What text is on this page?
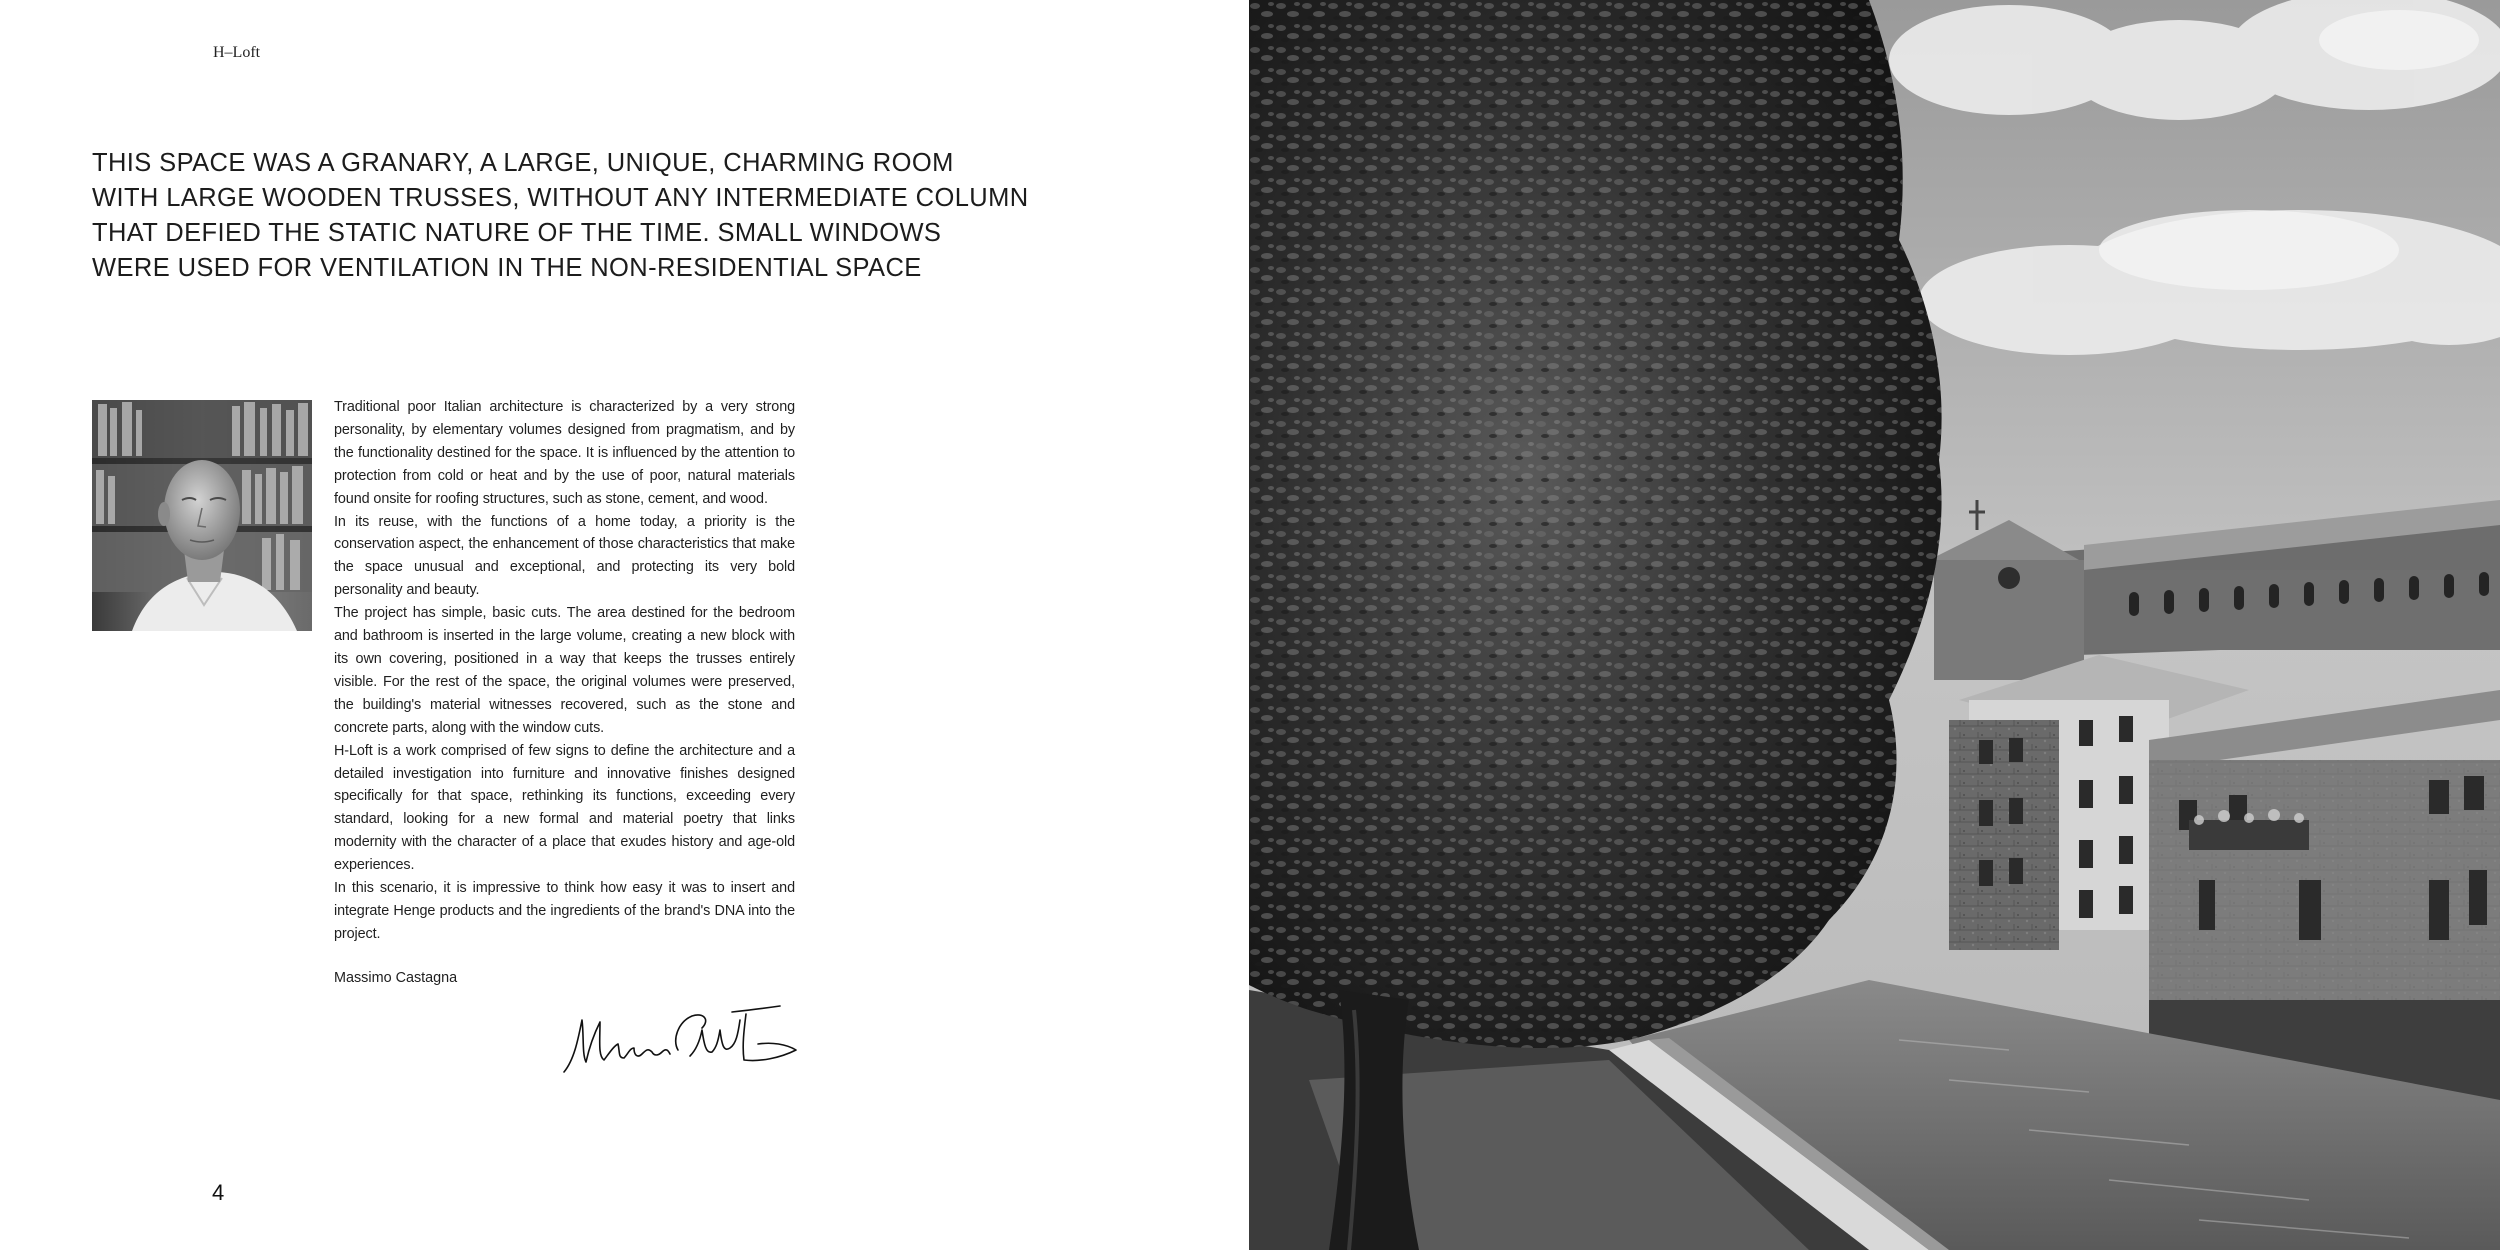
H–Loft
THIS SPACE WAS A GRANARY, A LARGE, UNIQUE, CHARMING ROOM
WITH LARGE WOODEN TRUSSES, WITHOUT ANY INTERMEDIATE COLUMN
THAT DEFIED THE STATIC NATURE OF THE TIME. SMALL WINDOWS
WERE USED FOR VENTILATION IN THE NON-RESIDENTIAL SPACE

Traditional poor Italian architecture is characterized by a very strong personality, by elementary volumes designed from pragmatism, and by the functionality destined for the space. It is influenced by the attention to protection from cold or heat and by the use of poor, natural materials found onsite for roofing structures, such as stone, cement, and wood.

In its reuse, with the functions of a home today, a priority is the conservation aspect, the enhancement of those characteristics that make the space unusual and exceptional, and protecting its very bold personality and beauty.

The project has simple, basic cuts. The area destined for the bedroom and bathroom is inserted in the large volume, creating a new block with its own covering, positioned in a way that keeps the trusses entirely visible. For the rest of the space, the original volumes were preserved, the building's material witnesses recovered, such as the stone and concrete parts, along with the window cuts.

H-Loft is a work comprised of few signs to define the architecture and a detailed investigation into furniture and innovative finishes designed specifically for that space, rethinking its functions, exceeding every standard, looking for a new formal and material poetry that links modernity with the character of a place that exudes history and age-old experiences.

In this scenario, it is impressive to think how easy it was to insert and integrate Henge products and the ingredients of the brand's DNA into the project.

Massimo Castagna
4
